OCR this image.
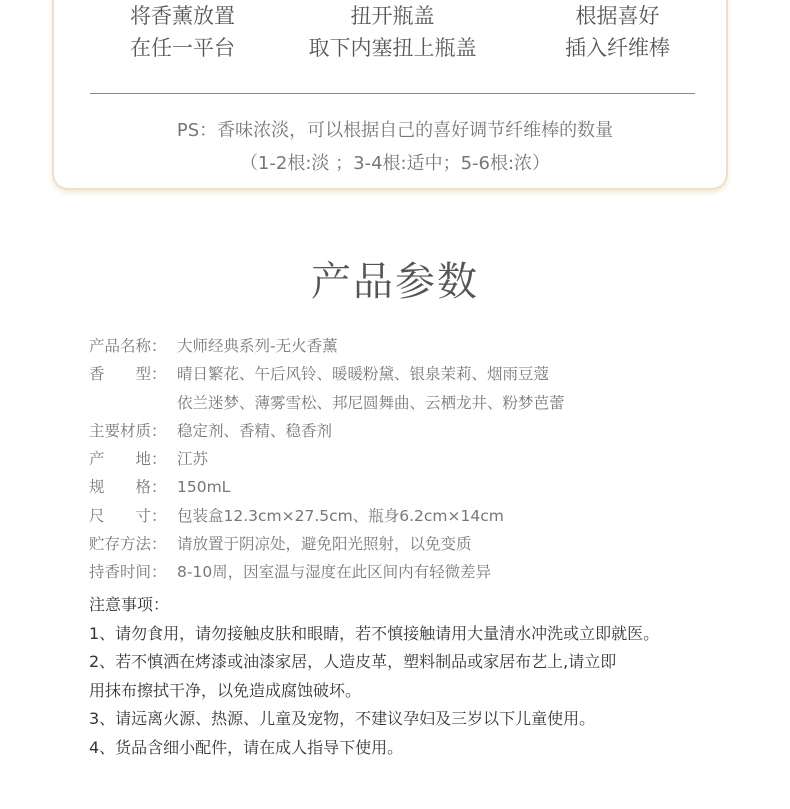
将香薰放置
在任一平台
扭开瓶盖
取下内塞扭上瓶盖
根据喜好
插入纤维棒
PS：香味浓淡，可以根据自己的喜好调节纤维棒的数量
（1-2根:淡 ；3-4根:适中；5-6根:浓）
产品参数
产品名称： 大师经典系列-无火香薰
香　　型： 晴日繁花、午后风铃、暖暖粉黛、银泉茉莉、烟雨豆蔻
依兰迷梦、薄雾雪松、邦尼圆舞曲、云栖龙井、粉梦芭蕾
主要材质： 稳定剂、香精、稳香剂
产　　地： 江苏
规　　格： 150mL
尺　　寸： 包装盒12.3cm×27.5cm、瓶身6.2cm×14cm
贮存方法： 请放置于阴凉处，避免阳光照射，以免变质
持香时间： 8-10周，因室温与湿度在此区间内有轻微差异
注意事项：
1、请勿食用，请勿接触皮肤和眼睛，若不慎接触请用大量清水冲洗或立即就医。
2、若不慎洒在烤漆或油漆家居，人造皮革，塑料制品或家居布艺上,请立即
用抹布擦拭干净，以免造成腐蚀破坏。
3、请远离火源、热源、儿童及宠物，不建议孕妇及三岁以下儿童使用。
4、货品含细小配件，请在成人指导下使用。
